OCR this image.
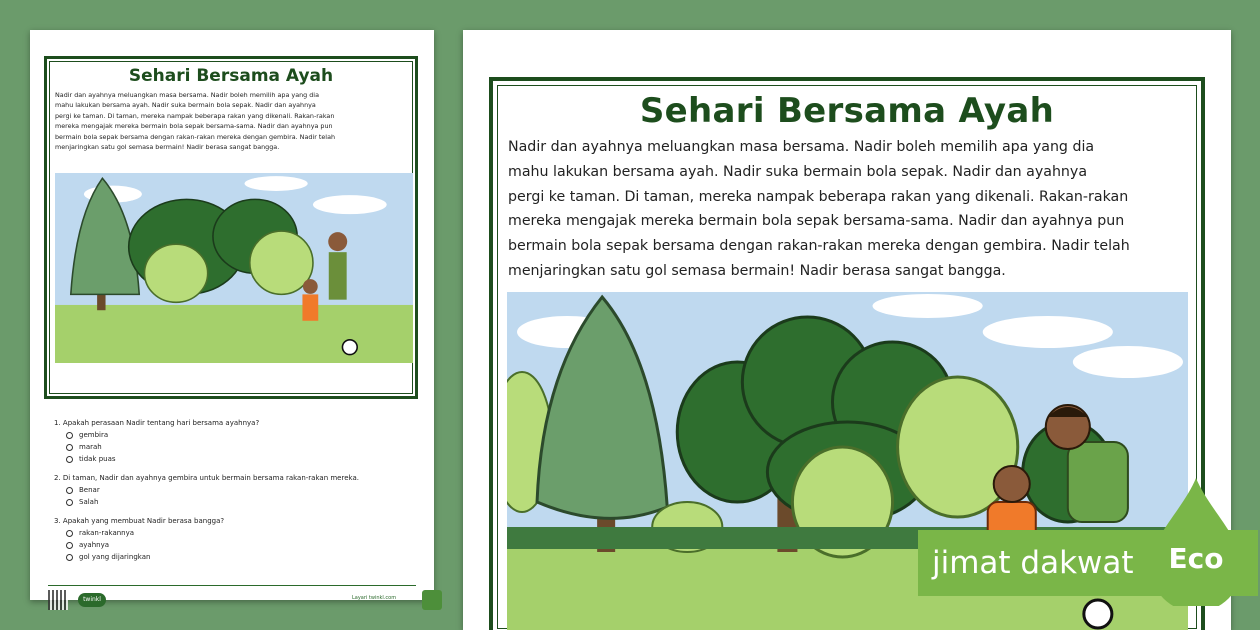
Sehari Bersama Ayah
Nadir dan ayahnya meluangkan masa bersama. Nadir boleh memilih apa yang dia
mahu lakukan bersama ayah. Nadir suka bermain bola sepak. Nadir dan ayahnya
pergi ke taman. Di taman, mereka nampak beberapa rakan yang dikenali. Rakan-rakan
mereka mengajak mereka bermain bola sepak bersama-sama. Nadir dan ayahnya pun
bermain bola sepak bersama dengan rakan-rakan mereka dengan gembira. Nadir telah
menjaringkan satu gol semasa bermain! Nadir berasa sangat bangga.
1. Apakah perasaan Nadir tentang hari bersama ayahnya?
gembira
marah
tidak puas
2. Di taman, Nadir dan ayahnya gembira untuk bermain bersama rakan-rakan mereka.
Benar
Salah
3. Apakah yang membuat Nadir berasa bangga?
rakan-rakannya
ayahnya
gol yang dijaringkan
twinkl	Layari twinkl.com
Sehari Bersama Ayah
Nadir dan ayahnya meluangkan masa bersama. Nadir boleh memilih apa yang dia
mahu lakukan bersama ayah. Nadir suka bermain bola sepak. Nadir dan ayahnya
pergi ke taman. Di taman, mereka nampak beberapa rakan yang dikenali. Rakan-rakan
mereka mengajak mereka bermain bola sepak bersama-sama. Nadir dan ayahnya pun
bermain bola sepak bersama dengan rakan-rakan mereka dengan gembira. Nadir telah
menjaringkan satu gol semasa bermain! Nadir berasa sangat bangga.
jimat dakwat	Eco
